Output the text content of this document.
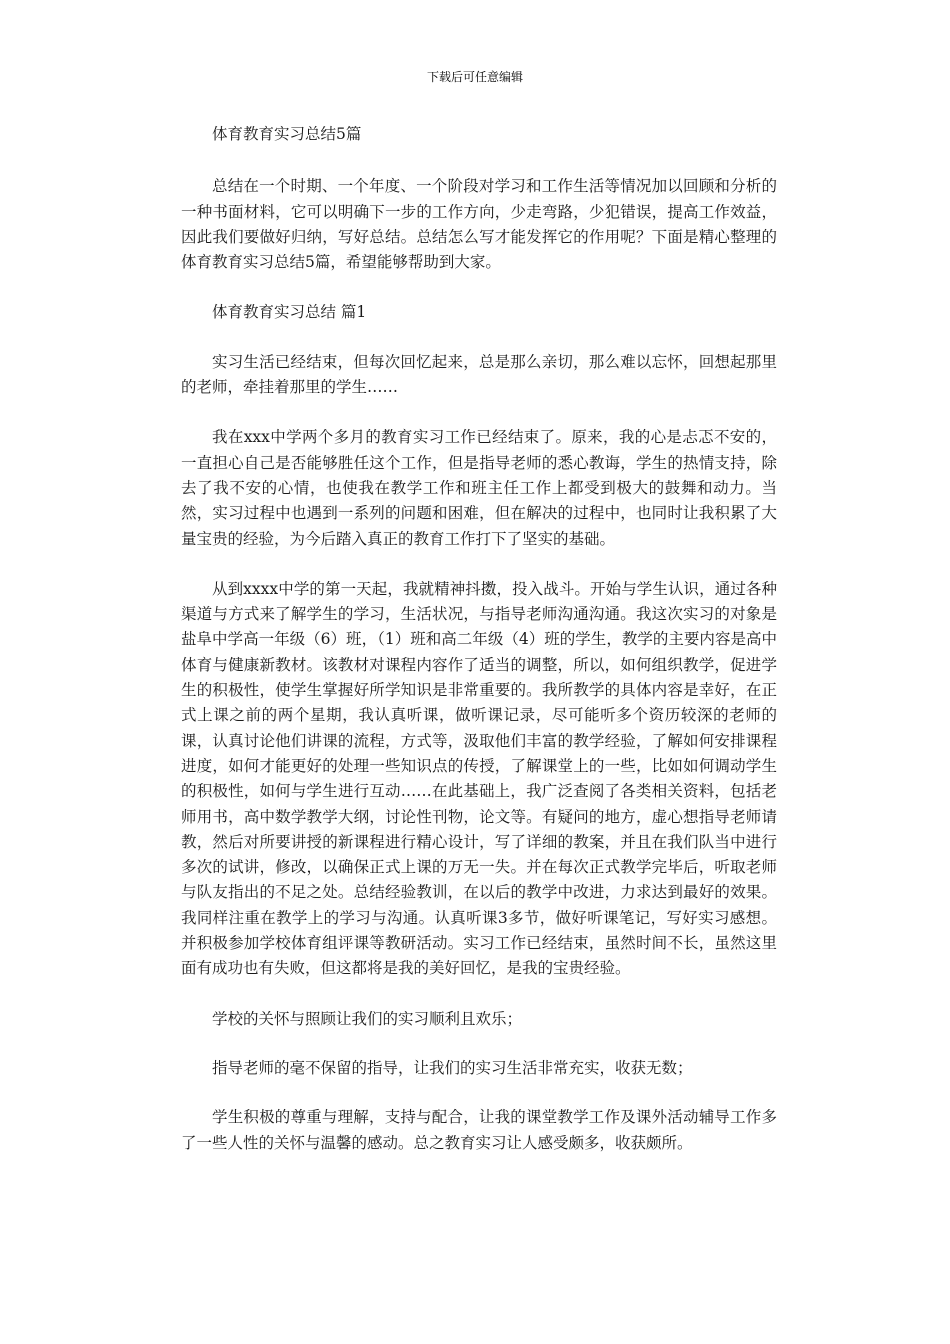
下载后可任意编辑

体育教育实习总结5篇

总结在一个时期、一个年度、一个阶段对学习和工作生活等情况加以回顾和分析的一种书面材料，它可以明确下一步的工作方向，少走弯路，少犯错误，提高工作效益，因此我们要做好归纳，写好总结。总结怎么写才能发挥它的作用呢？下面是精心整理的体育教育实习总结5篇，希望能够帮助到大家。

体育教育实习总结 篇1

实习生活已经结束，但每次回忆起来，总是那么亲切，那么难以忘怀，回想起那里的老师，牵挂着那里的学生……

我在xxx中学两个多月的教育实习工作已经结束了。原来，我的心是忐忑不安的，一直担心自己是否能够胜任这个工作，但是指导老师的悉心教诲，学生的热情支持，除去了我不安的心情，也使我在教学工作和班主任工作上都受到极大的鼓舞和动力。当然，实习过程中也遇到一系列的问题和困难，但在解决的过程中，也同时让我积累了大量宝贵的经验，为今后踏入真正的教育工作打下了坚实的基础。

从到xxxx中学的第一天起，我就精神抖擞，投入战斗。开始与学生认识，通过各种渠道与方式来了解学生的学习，生活状况，与指导老师沟通沟通。我这次实习的对象是盐阜中学高一年级（6）班，（1）班和高二年级（4）班的学生，教学的主要内容是高中体育与健康新教材。该教材对课程内容作了适当的调整，所以，如何组织教学，促进学生的积极性，使学生掌握好所学知识是非常重要的。我所教学的具体内容是幸好，在正式上课之前的两个星期，我认真听课，做听课记录，尽可能听多个资历较深的老师的课，认真讨论他们讲课的流程，方式等，汲取他们丰富的教学经验，了解如何安排课程进度，如何才能更好的处理一些知识点的传授，了解课堂上的一些，比如如何调动学生的积极性，如何与学生进行互动……在此基础上，我广泛查阅了各类相关资料，包括老师用书，高中数学教学大纲，讨论性刊物，论文等。有疑问的地方，虚心想指导老师请教，然后对所要讲授的新课程进行精心设计，写了详细的教案，并且在我们队当中进行多次的试讲，修改，以确保正式上课的万无一失。并在每次正式教学完毕后，听取老师与队友指出的不足之处。总结经验教训，在以后的教学中改进，力求达到最好的效果。我同样注重在教学上的学习与沟通。认真听课3多节，做好听课笔记，写好实习感想。并积极参加学校体育组评课等教研活动。实习工作已经结束，虽然时间不长，虽然这里面有成功也有失败，但这都将是我的美好回忆，是我的宝贵经验。

学校的关怀与照顾让我们的实习顺利且欢乐；

指导老师的毫不保留的指导，让我们的实习生活非常充实，收获无数；

学生积极的尊重与理解，支持与配合，让我的课堂教学工作及课外活动辅导工作多了一些人性的关怀与温馨的感动。总之教育实习让人感受颇多，收获颇所。
